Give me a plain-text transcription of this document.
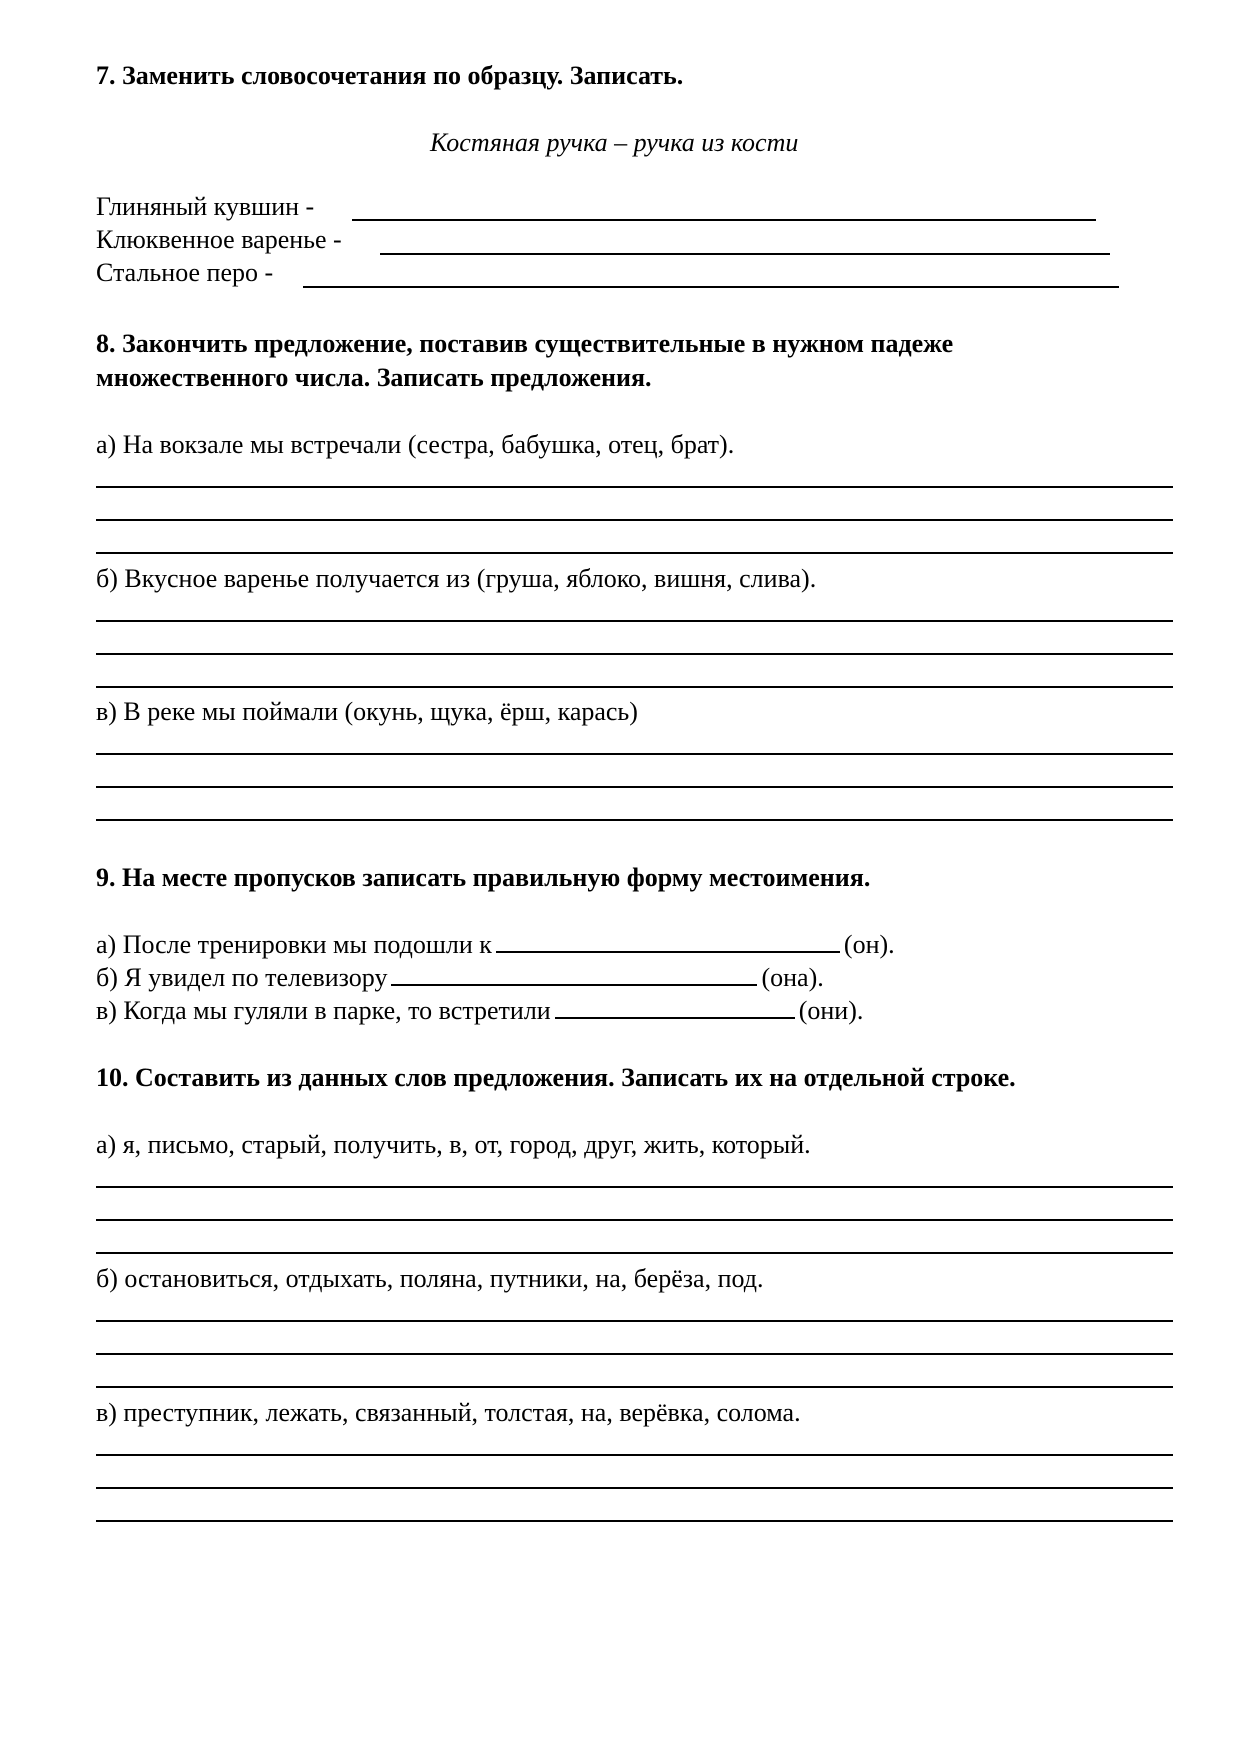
7. Заменить словосочетания по образцу. Записать.
Костяная ручка – ручка из кости
Глиняный кувшин -
Клюквенное варенье -
Стальное перо -
8. Закончить предложение, поставив существительные в нужном падеже
множественного числа. Записать предложения.
а) На вокзале мы встречали (сестра, бабушка, отец, брат).
б) Вкусное варенье получается из (груша, яблоко, вишня, слива).
в) В реке мы поймали (окунь, щука, ёрш, карась)
9. На месте пропусков записать правильную форму местоимения.
а) После тренировки мы подошли к	(он).
б) Я увидел по телевизору	(она).
в) Когда мы гуляли в парке, то встретили	(они).
10. Составить из данных слов предложения. Записать их на отдельной строке.
а) я, письмо, старый, получить, в, от, город, друг, жить, который.
б) остановиться, отдыхать, поляна, путники, на, берёза, под.
в) преступник, лежать, связанный, толстая, на, верёвка, солома.
